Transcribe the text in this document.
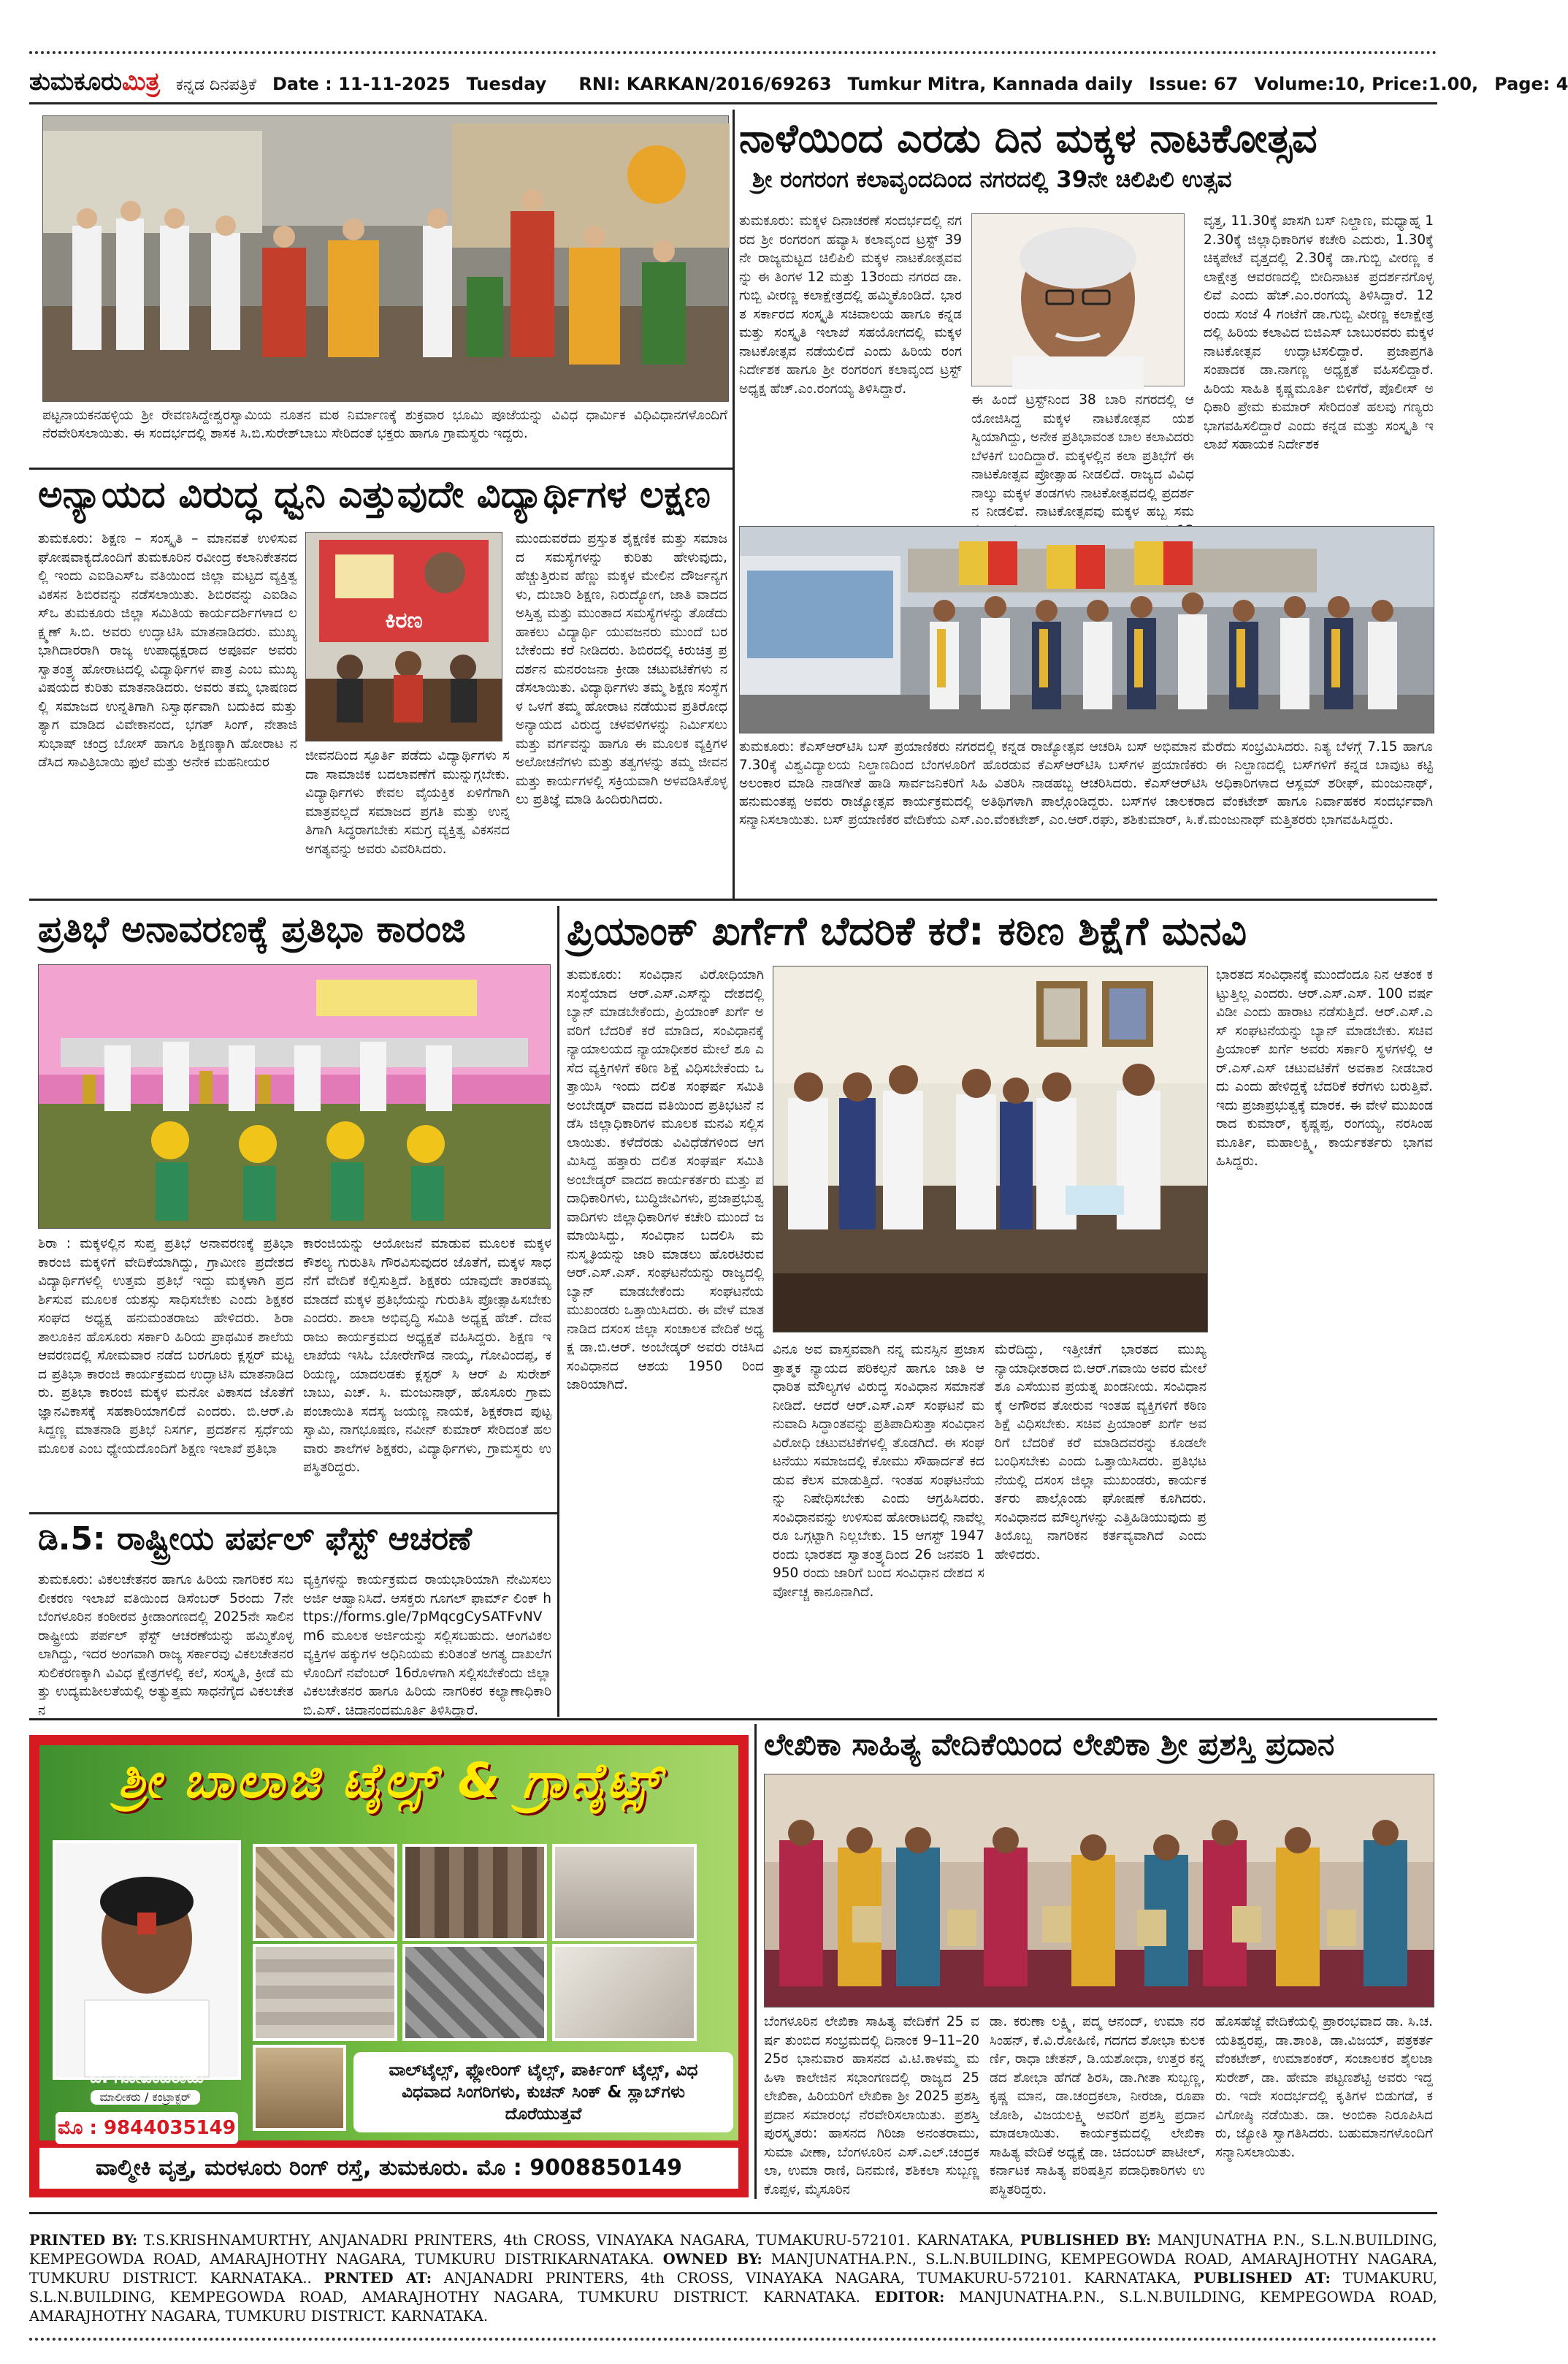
ತುಮಕೂರುಮಿತ್ರ ಕನ್ನಡ ದಿನಪತ್ರಿಕೆ Date : 11-11-2025 Tuesday RNI: KARKAN/2016/69263 Tumkur Mitra, Kannada daily Issue: 67 Volume:10, Price:1.00, Page: 4
ಪಟ್ಟನಾಯಕನಹಳ್ಳಿಯ ಶ್ರೀ ರೇವಣಸಿದ್ದೇಶ್ವರಸ್ವಾಮಿಯ ನೂತನ ಮಠ ನಿರ್ಮಾಣಕ್ಕೆ ಶುಕ್ರವಾರ ಭೂಮಿ ಪೂಜೆಯನ್ನು ವಿವಿಧ ಧಾರ್ಮಿಕ ವಿಧಿವಿಧಾನಗಳೊಂದಿಗೆ ನೆರವೇರಿಸಲಾಯಿತು. ಈ ಸಂದರ್ಭದಲ್ಲಿ ಶಾಸಕ ಸಿ.ಬಿ.ಸುರೇಶ್‌ಬಾಬು ಸೇರಿದಂತೆ ಭಕ್ತರು ಹಾಗೂ ಗ್ರಾಮಸ್ಥರು ಇದ್ದರು.
ನಾಳೆಯಿಂದ ಎರಡು ದಿನ ಮಕ್ಕಳ ನಾಟಕೋತ್ಸವ
ಶ್ರೀ ರಂಗರಂಗ ಕಲಾವೃಂದದಿಂದ ನಗರದಲ್ಲಿ 39ನೇ ಚಿಲಿಪಿಲಿ ಉತ್ಸವ
ತುಮಕೂರು: ಮಕ್ಕಳ ದಿನಾಚರಣೆ ಸಂದರ್ಭದಲ್ಲಿ ನಗರದ ಶ್ರೀ ರಂಗರಂಗ ಹವ್ಯಾಸಿ ಕಲಾವೃಂದ ಟ್ರಸ್ಟ್ 39ನೇ ರಾಜ್ಯಮಟ್ಟದ ಚಿಲಿಪಿಲಿ ಮಕ್ಕಳ ನಾಟಕೋತ್ಸವವನ್ನು ಈ ತಿಂಗಳ 12 ಮತ್ತು 13ರಂದು ನಗರದ ಡಾ.ಗುಬ್ಬಿ ವೀರಣ್ಣ ಕಲಾಕ್ಷೇತ್ರದಲ್ಲಿ ಹಮ್ಮಿಕೊಂಡಿದೆ. ಭಾರತ ಸರ್ಕಾರದ ಸಂಸ್ಕೃತಿ ಸಚಿವಾಲಯ ಹಾಗೂ ಕನ್ನಡ ಮತ್ತು ಸಂಸ್ಕೃತಿ ಇಲಾಖೆ ಸಹಯೋಗದಲ್ಲಿ ಮಕ್ಕಳ ನಾಟಕೋತ್ಸವ ನಡೆಯಲಿದೆ ಎಂದು ಹಿರಿಯ ರಂಗ ನಿರ್ದೇಶಕ ಹಾಗೂ ಶ್ರೀ ರಂಗರಂಗ ಕಲಾವೃಂದ ಟ್ರಸ್ಟ್ ಅಧ್ಯಕ್ಷ ಹೆಚ್.ಎಂ.ರಂಗಯ್ಯ ತಿಳಿಸಿದ್ದಾರೆ.
ಈ ಹಿಂದೆ ಟ್ರಸ್ಟ್‌ನಿಂದ 38 ಬಾರಿ ನಗರದಲ್ಲಿ ಆಯೋಜಿಸಿದ್ದ ಮಕ್ಕಳ ನಾಟಕೋತ್ಸವ ಯಶಸ್ವಿಯಾಗಿದ್ದು, ಅನೇಕ ಪ್ರತಿಭಾವಂತ ಬಾಲ ಕಲಾವಿದರು ಬೆಳಕಿಗೆ ಬಂದಿದ್ದಾರೆ. ಮಕ್ಕಳಲ್ಲಿನ ಕಲಾ ಪ್ರತಿಭೆಗೆ ಈ ನಾಟಕೋತ್ಸವ ಪ್ರೋತ್ಸಾಹ ನೀಡಲಿದೆ. ರಾಜ್ಯದ ವಿವಿಧ ನಾಲ್ಕು ಮಕ್ಕಳ ತಂಡಗಳು ನಾಟಕೋತ್ಸವದಲ್ಲಿ ಪ್ರದರ್ಶನ ನೀಡಲಿವೆ. ನಾಟಕೋತ್ಸವವು ಮಕ್ಕಳ ಹಬ್ಬ ಸಮ
ವೃತ್ತ, 11.30ಕ್ಕೆ ಖಾಸಗಿ ಬಸ್ ನಿಲ್ದಾಣ, ಮಧ್ಯಾಹ್ನ 12.30ಕ್ಕೆ ಜಿಲ್ಲಾಧಿಕಾರಿಗಳ ಕಚೇರಿ ಎದುರು, 1.30ಕ್ಕೆ ಚಿಕ್ಕಪೇಟೆ ವೃತ್ತದಲ್ಲಿ 2.30ಕ್ಕೆ ಡಾ.ಗುಬ್ಬಿ ವೀರಣ್ಣ ಕಲಾಕ್ಷೇತ್ರ ಆವರಣದಲ್ಲಿ ಬೀದಿನಾಟಕ ಪ್ರದರ್ಶನಗೊಳ್ಳಲಿವೆ ಎಂದು ಹೆಚ್.ಎಂ.ರಂಗಯ್ಯ ತಿಳಿಸಿದ್ದಾರೆ. 12ರಂದು ಸಂಜೆ 4 ಗಂಟೆಗೆ ಡಾ.ಗುಬ್ಬಿ ವೀರಣ್ಣ ಕಲಾಕ್ಷೇತ್ರದಲ್ಲಿ ಹಿರಿಯ ಕಲಾವಿದ ಬಿಜಿಎಸ್ ಬಾಬುರವರು ಮಕ್ಕಳ ನಾಟಕೋತ್ಸವ ಉದ್ಘಾಟಿಸಲಿದ್ದಾರೆ. ಪ್ರಜಾಪ್ರಗತಿ ಸಂಪಾದಕ ಡಾ.ನಾಗಣ್ಣ ಅಧ್ಯಕ್ಷತೆ ವಹಿಸಲಿದ್ದಾರೆ. ಹಿರಿಯ ಸಾಹಿತಿ ಕೃಷ್ಣಮೂರ್ತಿ ಬಿಳಿಗೆರೆ, ಪೊಲೀಸ್ ಅಧಿಕಾರಿ ಪ್ರೇಮ ಕುಮಾರ್ ಸೇರಿದಂತೆ ಹಲವು ಗಣ್ಯರು ಭಾಗವಹಿಸಲಿದ್ದಾರೆ ಎಂದು ಕನ್ನಡ ಮತ್ತು ಸಂಸ್ಕೃತಿ ಇಲಾಖೆ ಸಹಾಯಕ ನಿರ್ದೇಶಕ
ಅನ್ಯಾಯದ ವಿರುದ್ಧ ಧ್ವನಿ ಎತ್ತುವುದೇ ವಿದ್ಯಾರ್ಥಿಗಳ ಲಕ್ಷಣ
ತುಮಕೂರು: ಶಿಕ್ಷಣ – ಸಂಸ್ಕೃತಿ – ಮಾನವತೆ ಉಳಿಸುವ ಘೋಷವಾಕ್ಯದೊಂದಿಗೆ ತುಮಕೂರಿನ ರವೀಂದ್ರ ಕಲಾನಿಕೇತನದಲ್ಲಿ ಇಂದು ಎಐಡಿಎಸ್‌ಒ ವತಿಯಿಂದ ಜಿಲ್ಲಾ ಮಟ್ಟದ ವ್ಯಕ್ತಿತ್ವ ವಿಕಸನ ಶಿಬಿರವನ್ನು ನಡೆಸಲಾಯಿತು. ಶಿಬಿರವನ್ನು ಎಐಡಿಎಸ್‌ಒ ತುಮಕೂರು ಜಿಲ್ಲಾ ಸಮಿತಿಯ ಕಾರ್ಯದರ್ಶಿಗಳಾದ ಲಕ್ಷ್ಮಣ್ ಸಿ.ಬಿ. ಅವರು ಉದ್ಘಾಟಿಸಿ ಮಾತನಾಡಿದರು. ಮುಖ್ಯ ಭಾಗಿದಾರರಾಗಿ ರಾಜ್ಯ ಉಪಾಧ್ಯಕ್ಷರಾದ ಅಪೂರ್ವ ಅವರು ಸ್ವಾತಂತ್ರ್ಯ ಹೋರಾಟದಲ್ಲಿ ವಿದ್ಯಾರ್ಥಿಗಳ ಪಾತ್ರ ಎಂಬ ಮುಖ್ಯ ವಿಷಯದ ಕುರಿತು ಮಾತನಾಡಿದರು. ಅವರು ತಮ್ಮ ಭಾಷಣದಲ್ಲಿ ಸಮಾಜದ ಉನ್ನತಿಗಾಗಿ ನಿಸ್ವಾರ್ಥವಾಗಿ ಬದುಕಿದ ಮತ್ತು ತ್ಯಾಗ ಮಾಡಿದ ವಿವೇಕಾನಂದ, ಭಗತ್ ಸಿಂಗ್, ನೇತಾಜಿ ಸುಭಾಷ್ ಚಂದ್ರ ಬೋಸ್ ಹಾಗೂ ಶಿಕ್ಷಣಕ್ಕಾಗಿ ಹೋರಾಟ ನಡೆಸಿದ ಸಾವಿತ್ರಿಬಾಯಿ ಫುಲೆ ಮತ್ತು ಅನೇಕ ಮಹನೀಯರ
ಕಿರಣ
ಜೀವನದಿಂದ ಸ್ಫೂರ್ತಿ ಪಡೆದು ವಿದ್ಯಾರ್ಥಿಗಳು ಸದಾ ಸಾಮಾಜಿಕ ಬದಲಾವಣೆಗೆ ಮುನ್ನುಗ್ಗಬೇಕು. ವಿದ್ಯಾರ್ಥಿಗಳು ಕೇವಲ ವೈಯಕ್ತಿಕ ಏಳಿಗೆಗಾಗಿ ಮಾತ್ರವಲ್ಲದೆ ಸಮಾಜದ ಪ್ರಗತಿ ಮತ್ತು ಉನ್ನತಿಗಾಗಿ ಸಿದ್ಧರಾಗಬೇಕು ಸಮಗ್ರ ವ್ಯಕ್ತಿತ್ವ ವಿಕಸನದ ಅಗತ್ಯವನ್ನು ಅವರು ವಿವರಿಸಿದರು.
ಮುಂದುವರೆದು ಪ್ರಸ್ತುತ ಶೈಕ್ಷಣಿಕ ಮತ್ತು ಸಮಾಜದ ಸಮಸ್ಯೆಗಳನ್ನು ಕುರಿತು ಹೇಳುವುದು, ಹೆಚ್ಚುತ್ತಿರುವ ಹೆಣ್ಣು ಮಕ್ಕಳ ಮೇಲಿನ ದೌರ್ಜನ್ಯಗಳು, ದುಬಾರಿ ಶಿಕ್ಷಣ, ನಿರುದ್ಯೋಗ, ಜಾತಿ ವಾದದ ಅಸ್ತಿತ್ವ ಮತ್ತು ಮುಂತಾದ ಸಮಸ್ಯೆಗಳನ್ನು ತೊಡೆದು ಹಾಕಲು ವಿದ್ಯಾರ್ಥಿ ಯುವಜನರು ಮುಂದೆ ಬರಬೇಕೆಂದು ಕರೆ ನೀಡಿದರು. ಶಿಬಿರದಲ್ಲಿ ಕಿರುಚಿತ್ರ ಪ್ರದರ್ಶನ ಮನರಂಜನಾ ಕ್ರೀಡಾ ಚಟುವಟಿಕೆಗಳು ನಡೆಸಲಾಯಿತು. ವಿದ್ಯಾರ್ಥಿಗಳು ತಮ್ಮ ಶಿಕ್ಷಣ ಸಂಸ್ಥೆಗಳ ಒಳಗೆ ತಮ್ಮ ಹೋರಾಟ ನಡೆಯುವ ಪ್ರತಿರೋಧ ಅನ್ಯಾಯದ ವಿರುದ್ಧ ಚಳವಳಿಗಳನ್ನು ನಿರ್ಮಿಸಲು ಮತ್ತು ವರ್ಗವನ್ನು ಹಾಗೂ ಈ ಮೂಲಕ ವ್ಯಕ್ತಿಗಳ ಅಲೋಚನೆಗಳು ಮತ್ತು ತತ್ವಗಳನ್ನು ತಮ್ಮ ಜೀವನ ಮತ್ತು ಕಾರ್ಯಗಳಲ್ಲಿ ಸಕ್ರಿಯವಾಗಿ ಅಳವಡಿಸಿಕೊಳ್ಳಲು ಪ್ರತಿಜ್ಞೆ ಮಾಡಿ ಹಿಂದಿರುಗಿದರು.
ತುಮಕೂರು: ಕೆಎಸ್‌ಆರ್‌ಟಿಸಿ ಬಸ್ ಪ್ರಯಾಣಿಕರು ನಗರದಲ್ಲಿ ಕನ್ನಡ ರಾಜ್ಯೋತ್ಸವ ಆಚರಿಸಿ ಬಸ್ ಅಭಿಮಾನ ಮೆರೆದು ಸಂಭ್ರಮಿಸಿದರು. ನಿತ್ಯ ಬೆಳಗ್ಗೆ 7.15 ಹಾಗೂ 7.30ಕ್ಕೆ ವಿಶ್ವವಿದ್ಯಾಲಯ ನಿಲ್ದಾಣದಿಂದ ಬೆಂಗಳೂರಿಗೆ ಹೊರಡುವ ಕೆಎಸ್‌ಆರ್‌ಟಿಸಿ ಬಸ್‌ಗಳ ಪ್ರಯಾಣಿಕರು ಈ ನಿಲ್ದಾಣದಲ್ಲಿ ಬಸ್‌ಗಳಿಗೆ ಕನ್ನಡ ಬಾವುಟ ಕಟ್ಟಿ ಅಲಂಕಾರ ಮಾಡಿ ನಾಡಗೀತೆ ಹಾಡಿ ಸಾರ್ವಜನಿಕರಿಗೆ ಸಿಹಿ ವಿತರಿಸಿ ನಾಡಹಬ್ಬ ಆಚರಿಸಿದರು. ಕೆಎಸ್‌ಆರ್‌ಟಿಸಿ ಅಧಿಕಾರಿಗಳಾದ ಆಸ್ಲಮ್ ಶರೀಫ್, ಮಂಜುನಾಥ್, ಹನುಮಂತಪ್ಪ ಅವರು ರಾಜ್ಯೋತ್ಸವ ಕಾರ್ಯಕ್ರಮದಲ್ಲಿ ಅತಿಥಿಗಳಾಗಿ ಪಾಲ್ಗೊಂಡಿದ್ದರು. ಬಸ್‌ಗಳ ಚಾಲಕರಾದ ವೆಂಕಟೇಶ್ ಹಾಗೂ ನಿರ್ವಾಹಕರ ಸಂದರ್ಭವಾಗಿ ಸನ್ಮಾನಿಸಲಾಯಿತು. ಬಸ್ ಪ್ರಯಾಣಿಕರ ವೇದಿಕೆಯ ಎಸ್.ಎಂ.ವೆಂಕಟೇಶ್, ಎಂ.ಆರ್.ರಘು, ಶಶಿಕುಮಾರ್, ಸಿ.ಕೆ.ಮಂಜುನಾಥ್ ಮತ್ತಿತರರು ಭಾಗವಹಿಸಿದ್ದರು.
ಪ್ರತಿಭೆ ಅನಾವರಣಕ್ಕೆ ಪ್ರತಿಭಾ ಕಾರಂಜಿ
ಶಿರಾ : ಮಕ್ಕಳಲ್ಲಿನ ಸುಪ್ತ ಪ್ರತಿಭೆ ಅನಾವರಣಕ್ಕೆ ಪ್ರತಿಭಾ ಕಾರಂಜಿ ಮಕ್ಕಳಿಗೆ ವೇದಿಕೆಯಾಗಿದ್ದು, ಗ್ರಾಮೀಣ ಪ್ರದೇಶದ ವಿದ್ಯಾರ್ಥಿಗಳಲ್ಲಿ ಉತ್ತಮ ಪ್ರತಿಭೆ ಇದ್ದು ಮಕ್ಕಳಾಗಿ ಪ್ರದರ್ಶಿಸುವ ಮೂಲಕ ಯಶಸ್ಸು ಸಾಧಿಸಬೇಕು ಎಂದು ಶಿಕ್ಷಕರ ಸಂಘದ ಅಧ್ಯಕ್ಷ ಹನುಮಂತರಾಜು ಹೇಳಿದರು. ಶಿರಾ ತಾಲೂಕಿನ ಹೊಸೂರು ಸರ್ಕಾರಿ ಹಿರಿಯ ಪ್ರಾಥಮಿಕ ಶಾಲೆಯ ಆವರಣದಲ್ಲಿ ಸೋಮವಾರ ನಡೆದ ಬರಗೂರು ಕ್ಲಸ್ಟರ್ ಮಟ್ಟದ ಪ್ರತಿಭಾ ಕಾರಂಜಿ ಕಾರ್ಯಕ್ರಮದ ಉದ್ಘಾಟಿಸಿ ಮಾತನಾಡಿದರು. ಪ್ರತಿಭಾ ಕಾರಂಜಿ ಮಕ್ಕಳ ಮನೋ ವಿಕಾಸದ ಜೊತೆಗೆ ಜ್ಞಾನವಿಕಾಸಕ್ಕೆ ಸಹಕಾರಿಯಾಗಲಿದೆ ಎಂದರು. ಬಿ.ಆರ್.ಪಿ ಸಿದ್ದಣ್ಣ ಮಾತನಾಡಿ ಪ್ರತಿಭೆ ನಿಸರ್ಗ, ಪ್ರದರ್ಶನ ಸ್ಪರ್ಧೆಯ ಮೂಲಕ ಎಂಬ ಧ್ಯೇಯದೊಂದಿಗೆ ಶಿಕ್ಷಣ ಇಲಾಖೆ ಪ್ರತಿಭಾ
ಕಾರಂಜಿಯನ್ನು ಆಯೋಜನೆ ಮಾಡುವ ಮೂಲಕ ಮಕ್ಕಳ ಕೌಶಲ್ಯ ಗುರುತಿಸಿ ಗೌರವಿಸುವುದರ ಜೊತೆಗೆ, ಮಕ್ಕಳ ಸಾಧನೆಗೆ ವೇದಿಕೆ ಕಲ್ಪಿಸುತ್ತಿದೆ. ಶಿಕ್ಷಕರು ಯಾವುದೇ ತಾರತಮ್ಯ ಮಾಡದೆ ಮಕ್ಕಳ ಪ್ರತಿಭೆಯನ್ನು ಗುರುತಿಸಿ ಪ್ರೋತ್ಸಾಹಿಸಬೇಕು ಎಂದರು. ಶಾಲಾ ಅಭಿವೃದ್ಧಿ ಸಮಿತಿ ಅಧ್ಯಕ್ಷ ಹೆಚ್. ದೇವರಾಜು ಕಾರ್ಯಕ್ರಮದ ಅಧ್ಯಕ್ಷತೆ ವಹಿಸಿದ್ದರು. ಶಿಕ್ಷಣ ಇಲಾಖೆಯ ಇಸಿಓ ಬೋರೇಗೌಡ ನಾಯ್ಕ, ಗೋವಿಂದಪ್ಪ, ಕರಿಯಣ್ಣ, ಯಾದಲಡಕು ಕ್ಲಸ್ಟರ್ ಸಿ ಆರ್ ಪಿ ಸುರೇಶ್ ಬಾಬು, ಎಚ್. ಸಿ. ಮಂಜುನಾಥ್, ಹೊಸೂರು ಗ್ರಾಮ ಪಂಚಾಯಿತಿ ಸದಸ್ಯ ಜಯಣ್ಣ ನಾಯಕ, ಶಿಕ್ಷಕರಾದ ಪುಟ್ಟಸ್ವಾಮಿ, ನಾಗಭೂಷಣ, ನವೀನ್ ಕುಮಾರ್ ಸೇರಿದಂತೆ ಹಲವಾರು ಶಾಲೆಗಳ ಶಿಕ್ಷಕರು, ವಿದ್ಯಾರ್ಥಿಗಳು, ಗ್ರಾಮಸ್ಥರು ಉಪಸ್ಥಿತರಿದ್ದರು.
ಡಿ.5: ರಾಷ್ಟ್ರೀಯ ಪರ್ಪಲ್ ಫೆಸ್ಟ್ ಆಚರಣೆ
ತುಮಕೂರು: ವಿಕಲಚೇತನರ ಹಾಗೂ ಹಿರಿಯ ನಾಗರಿಕರ ಸಬಲೀಕರಣ ಇಲಾಖೆ ವತಿಯಿಂದ ಡಿಸೆಂಬರ್ 5ರಂದು 7ನೇ ಬೆಂಗಳೂರಿನ ಕಂಠೀರವ ಕ್ರೀಡಾಂಗಣದಲ್ಲಿ 2025ನೇ ಸಾಲಿನ ರಾಷ್ಟ್ರೀಯ ಪರ್ಪಲ್ ಫೆಸ್ಟ್ ಆಚರಣೆಯನ್ನು ಹಮ್ಮಿಕೊಳ್ಳಲಾಗಿದ್ದು, ಇದರ ಅಂಗವಾಗಿ ರಾಜ್ಯ ಸರ್ಕಾರವು ವಿಕಲಚೇತನರ ಸುಲಿಕರಣಕ್ಕಾಗಿ ವಿವಿಧ ಕ್ಷೇತ್ರಗಳಲ್ಲಿ ಕಲೆ, ಸಂಸ್ಕೃತಿ, ಕ್ರೀಡೆ ಮತ್ತು ಉದ್ಯಮಶೀಲತೆಯಲ್ಲಿ ಅತ್ಯುತ್ತಮ ಸಾಧನೆಗೈದ ವಿಕಲಚೇತನ
ವ್ಯಕ್ತಿಗಳನ್ನು ಕಾರ್ಯಕ್ರಮದ ರಾಯಭಾರಿಯಾಗಿ ನೇಮಿಸಲು ಅರ್ಜಿ ಆಹ್ವಾನಿಸಿದೆ. ಆಸಕ್ತರು ಗೂಗಲ್ ಫಾರ್ಮ್ ಲಿಂಕ್ https://forms.gle/7pMqcgCySATFvNVm6 ಮೂಲಕ ಅರ್ಜಿಯನ್ನು ಸಲ್ಲಿಸಬಹುದು. ಆಂಗವಿಕಲ ವ್ಯಕ್ತಿಗಳ ಹಕ್ಕುಗಳ ಅಧಿನಿಯಮ ಕುರಿತಂತೆ ಅಗತ್ಯ ದಾಖಲೆಗಳೊಂದಿಗೆ ನವೆಂಬರ್ 16ರೊಳಗಾಗಿ ಸಲ್ಲಿಸಬೇಕೆಂದು ಜಿಲ್ಲಾ ವಿಕಲಚೇತನರ ಹಾಗೂ ಹಿರಿಯ ನಾಗರಿಕರ ಕಲ್ಯಾಣಾಧಿಕಾರಿ ಬಿ.ಎಸ್. ಚಿದಾನಂದಮೂರ್ತಿ ತಿಳಿಸಿದ್ದಾರೆ.
ಪ್ರಿಯಾಂಕ್ ಖರ್ಗೆಗೆ ಬೆದರಿಕೆ ಕರೆ: ಕಠಿಣ ಶಿಕ್ಷೆಗೆ ಮನವಿ
ತುಮಕೂರು: ಸಂವಿಧಾನ ವಿರೋಧಿಯಾಗಿ ಸಂಸ್ಥೆಯಾದ ಆರ್.ಎಸ್.ಎಸ್‌ನ್ನು ದೇಶದಲ್ಲಿ ಬ್ಯಾನ್ ಮಾಡಬೇಕೆಂದು, ಪ್ರಿಯಾಂಕ್ ಖರ್ಗೆ ಅವರಿಗೆ ಬೆದರಿಕೆ ಕರೆ ಮಾಡಿದ, ಸಂವಿಧಾನಕ್ಕೆ ನ್ಯಾಯಾಲಯದ ನ್ಯಾಯಾಧೀಶರ ಮೇಲೆ ಶೂ ಎಸೆದ ವ್ಯಕ್ತಿಗಳಿಗೆ ಕಠಿಣ ಶಿಕ್ಷೆ ವಿಧಿಸಬೇಕೆಂದು ಒತ್ತಾಯಿಸಿ ಇಂದು ದಲಿತ ಸಂಘರ್ಷ ಸಮಿತಿ ಅಂಬೇಡ್ಕರ್ ವಾದದ ವತಿಯಿಂದ ಪ್ರತಿಭಟನೆ ನಡೆಸಿ ಜಿಲ್ಲಾಧಿಕಾರಿಗಳ ಮೂಲಕ ಮನವಿ ಸಲ್ಲಿಸಲಾಯಿತು. ಕಳೆದೆರಡು ವಿವಿಧೆಡೆಗಳಿಂದ ಆಗಮಿಸಿದ್ದ ಹತ್ತಾರು ದಲಿತ ಸಂಘರ್ಷ ಸಮಿತಿ ಅಂಬೇಡ್ಕರ್ ವಾದದ ಕಾರ್ಯಕರ್ತರು ಮತ್ತು ಪದಾಧಿಕಾರಿಗಳು, ಬುದ್ಧಿಜೀವಿಗಳು, ಪ್ರಜಾಪ್ರಭುತ್ವವಾದಿಗಳು ಜಿಲ್ಲಾಧಿಕಾರಿಗಳ ಕಚೇರಿ ಮುಂದೆ ಜಮಾಯಿಸಿದ್ದು, ಸಂವಿಧಾನ ಬದಲಿಸಿ ಮನುಸ್ಮೃತಿಯನ್ನು ಜಾರಿ ಮಾಡಲು ಹೊರಟಿರುವ ಆರ್.ಎಸ್.ಎಸ್. ಸಂಘಟನೆಯನ್ನು ರಾಜ್ಯದಲ್ಲಿ ಬ್ಯಾನ್ ಮಾಡಬೇಕೆಂದು ಸಂಘಟನೆಯ ಮುಖಂಡರು ಒತ್ತಾಯಿಸಿದರು. ಈ ವೇಳೆ ಮಾತನಾಡಿದ ದಸಂಸ ಜಿಲ್ಲಾ ಸಂಚಾಲಕ ವೇದಿಕೆ ಅಧ್ಯಕ್ಷ ಡಾ.ಬಿ.ಆರ್. ಅಂಬೇಡ್ಕರ್ ಅವರು ರಚಿಸಿದ ಸಂವಿಧಾನದ ಆಶಯ 1950 ರಿಂದ ಜಾರಿಯಾಗಿದೆ.
ವಿನೂ ಅವ ವಾಸ್ತವವಾಗಿ ನನ್ನ ಮನಸ್ಸಿನ ಪ್ರಜಾಸತ್ತಾತ್ಮಕ ನ್ಯಾಯದ ಪರಿಕಲ್ಪನೆ ಹಾಗೂ ಜಾತಿ ಆಧಾರಿತ ಮೌಲ್ಯಗಳ ವಿರುದ್ಧ ಸಂವಿಧಾನ ಸಮಾನತೆ ನೀಡಿದೆ. ಆದರೆ ಆರ್.ಎಸ್.ಎಸ್ ಸಂಘಟನೆ ಮನುವಾದಿ ಸಿದ್ಧಾಂತವನ್ನು ಪ್ರತಿಪಾದಿಸುತ್ತಾ ಸಂವಿಧಾನ ವಿರೋಧಿ ಚಟುವಟಿಕೆಗಳಲ್ಲಿ ತೊಡಗಿದೆ. ಈ ಸಂಘಟನೆಯು ಸಮಾಜದಲ್ಲಿ ಕೋಮು ಸೌಹಾರ್ದತೆ ಕದಡುವ ಕೆಲಸ ಮಾಡುತ್ತಿದೆ. ಇಂತಹ ಸಂಘಟನೆಯನ್ನು ನಿಷೇಧಿಸಬೇಕು ಎಂದು ಆಗ್ರಹಿಸಿದರು. ಸಂವಿಧಾನವನ್ನು ಉಳಿಸುವ ಹೋರಾಟದಲ್ಲಿ ನಾವೆಲ್ಲರೂ ಒಗ್ಗಟ್ಟಾಗಿ ನಿಲ್ಲಬೇಕು. 15 ಆಗಸ್ಟ್ 1947 ರಂದು ಭಾರತದ ಸ್ವಾತಂತ್ರ್ಯದಿಂದ 26 ಜನವರಿ 1950 ರಂದು ಜಾರಿಗೆ ಬಂದ ಸಂವಿಧಾನ ದೇಶದ ಸರ್ವೋಚ್ಚ ಕಾನೂನಾಗಿದೆ.
ಮೆರೆದಿದ್ದು, ಇತ್ತೀಚೆಗೆ ಭಾರತದ ಮುಖ್ಯ ನ್ಯಾಯಾಧೀಶರಾದ ಬಿ.ಆರ್.ಗವಾಯಿ ಅವರ ಮೇಲೆ ಶೂ ಎಸೆಯುವ ಪ್ರಯತ್ನ ಖಂಡನೀಯ. ಸಂವಿಧಾನಕ್ಕೆ ಅಗೌರವ ತೋರುವ ಇಂತಹ ವ್ಯಕ್ತಿಗಳಿಗೆ ಕಠಿಣ ಶಿಕ್ಷೆ ವಿಧಿಸಬೇಕು. ಸಚಿವ ಪ್ರಿಯಾಂಕ್ ಖರ್ಗೆ ಅವರಿಗೆ ಬೆದರಿಕೆ ಕರೆ ಮಾಡಿದವರನ್ನು ಕೂಡಲೇ ಬಂಧಿಸಬೇಕು ಎಂದು ಒತ್ತಾಯಿಸಿದರು. ಪ್ರತಿಭಟನೆಯಲ್ಲಿ ದಸಂಸ ಜಿಲ್ಲಾ ಮುಖಂಡರು, ಕಾರ್ಯಕರ್ತರು ಪಾಲ್ಗೊಂಡು ಘೋಷಣೆ ಕೂಗಿದರು. ಸಂವಿಧಾನದ ಮೌಲ್ಯಗಳನ್ನು ಎತ್ತಿಹಿಡಿಯುವುದು ಪ್ರತಿಯೊಬ್ಬ ನಾಗರಿಕನ ಕರ್ತವ್ಯವಾಗಿದೆ ಎಂದು ಹೇಳಿದರು.
ಭಾರತದ ಸಂವಿಧಾನಕ್ಕೆ ಮುಂದೆಂದೂ ನಿನ ಆತಂಕ ಕಟ್ಟುತ್ತಿಲ್ಲ ಎಂದರು. ಆರ್.ಎಸ್.ಎಸ್. 100 ವರ್ಷವಿಡೀ ಎಂದು ಹಾರಾಟ ನಡೆಸುತ್ತಿದೆ. ಆರ್.ಎಸ್.ಎಸ್ ಸಂಘಟನೆಯನ್ನು ಬ್ಯಾನ್ ಮಾಡಬೇಕು. ಸಚಿವ ಪ್ರಿಯಾಂಕ್ ಖರ್ಗೆ ಅವರು ಸರ್ಕಾರಿ ಸ್ಥಳಗಳಲ್ಲಿ ಆರ್.ಎಸ್.ಎಸ್ ಚಟುವಟಿಕೆಗೆ ಅವಕಾಶ ನೀಡಬಾರದು ಎಂದು ಹೇಳಿದ್ದಕ್ಕೆ ಬೆದರಿಕೆ ಕರೆಗಳು ಬರುತ್ತಿವೆ. ಇದು ಪ್ರಜಾಪ್ರಭುತ್ವಕ್ಕೆ ಮಾರಕ. ಈ ವೇಳೆ ಮುಖಂಡರಾದ ಕುಮಾರ್, ಕೃಷ್ಣಪ್ಪ, ರಂಗಯ್ಯ, ನರಸಿಂಹಮೂರ್ತಿ, ಮಹಾಲಕ್ಷ್ಮಿ, ಕಾರ್ಯಕರ್ತರು ಭಾಗವಹಿಸಿದ್ದರು.
ಶ್ರೀ ಬಾಲಾಜಿ ಟೈಲ್ಸ್ & ಗ್ರಾನೈಟ್ಸ್
ಬಿ. ಗೋವಿಂದರಾಜು
ಮಾಲೀಕರು / ಕಂಟ್ರಾಕ್ಟರ್
ಮೊ : 9844035149
ವಾಲ್‌ಟೈಲ್ಸ್, ಫ್ಲೋರಿಂಗ್ ಟೈಲ್ಸ್, ಪಾರ್ಕಿಂಗ್ ಟೈಲ್ಸ್, ವಿಧ ವಿಧವಾದ ಸಿಂಗರಿಗಳು, ಕುಚನ್ ಸಿಂಕ್ & ಸ್ಲಾಬ್‌ಗಳು ದೊರೆಯುತ್ತವೆ
ವಾಲ್ಮೀಕಿ ವೃತ್ತ, ಮರಳೂರು ರಿಂಗ್ ರಸ್ತೆ, ತುಮಕೂರು. ಮೊ : 9008850149
ಲೇಖಿಕಾ ಸಾಹಿತ್ಯ ವೇದಿಕೆಯಿಂದ ಲೇಖಿಕಾ ಶ್ರೀ ಪ್ರಶಸ್ತಿ ಪ್ರದಾನ
ಬೆಂಗಳೂರಿನ ಲೇಖಿಕಾ ಸಾಹಿತ್ಯ ವೇದಿಕೆಗೆ 25 ವರ್ಷ ತುಂಬಿದ ಸಂಭ್ರಮದಲ್ಲಿ ದಿನಾಂಕ 9–11–2025ರ ಭಾನುವಾರ ಹಾಸನದ ವಿ.ಟಿ.ಕಾಳಮ್ಮ ಮಹಿಳಾ ಕಾಲೇಜಿನ ಸಭಾಂಗಣದಲ್ಲಿ ರಾಜ್ಯದ 25 ಲೇಖಿಕಾ, ಹಿರಿಯರಿಗೆ ಲೇಖಿಕಾ ಶ್ರೀ 2025 ಪ್ರಶಸ್ತಿ ಪ್ರದಾನ ಸಮಾರಂಭ ನೆರವೇರಿಸಲಾಯಿತು. ಪ್ರಶಸ್ತಿ ಪುರಸ್ಕೃತರು: ಹಾಸನದ ಗಿರಿಜಾ ಅನಂತರಾಮು, ಸುಮಾ ವೀಣಾ, ಬೆಂಗಳೂರಿನ ಎಸ್.ಎಲ್.ಚಂದ್ರಕಲಾ, ಉಮಾ ರಾಣಿ, ದಿನಮಣಿ, ಶಶಿಕಲಾ ಸುಬ್ಬಣ್ಣ ಕೊಪ್ಪಳ, ಮೈಸೂರಿನ
ಡಾ. ಕರುಣಾ ಲಕ್ಷ್ಮಿ, ಪದ್ಮ ಆನಂದ್, ಉಮಾ ನರಸಿಂಹನ್, ಕೆ.ವಿ.ರೋಹಿಣಿ, ಗದಗದ ಶೋಭಾ ಕುಲಕರ್ಣಿ, ರಾಧಾ ಚೇತನ್, ಡಿ.ಯಶೋಧಾ, ಉತ್ತರ ಕನ್ನಡದ ಶೋಭಾ ಹೆಗಡೆ ಶಿರಸಿ, ಡಾ.ಗೀತಾ ಸುಬ್ಬಣ್ಣ, ಕೃಷ್ಣ ಮಾನ, ಡಾ.ಚಂದ್ರಕಲಾ, ನೀರಜಾ, ರೂಪಾ ಜೋಶಿ, ವಿಜಯಲಕ್ಷ್ಮಿ ಅವರಿಗೆ ಪ್ರಶಸ್ತಿ ಪ್ರದಾನ ಮಾಡಲಾಯಿತು. ಕಾರ್ಯಕ್ರಮದಲ್ಲಿ ಲೇಖಿಕಾ ಸಾಹಿತ್ಯ ವೇದಿಕೆ ಅಧ್ಯಕ್ಷೆ ಡಾ. ಚಿದಂಬರ್ ಪಾಟೀಲ್, ಕರ್ನಾಟಕ ಸಾಹಿತ್ಯ ಪರಿಷತ್ತಿನ ಪದಾಧಿಕಾರಿಗಳು ಉಪಸ್ಥಿತರಿದ್ದರು.
ಹೊಸಹೆಜ್ಜೆ ವೇದಿಕೆಯಲ್ಲಿ ಪ್ರಾರಂಭವಾದ ಡಾ. ಸಿ.ಚ.ಯತಿಶ್ವರಪ್ಪ, ಡಾ.ಶಾಂತಿ, ಡಾ.ವಿಜಯ್, ಪತ್ರಕರ್ತ ವೆಂಕಟೇಶ್, ಉಮಾಶಂಕರ್, ಸಂಚಾಲಕರ ಶೈಲಜಾ ಸುರೇಶ್, ಡಾ. ಹೇಮಾ ಪಟ್ಟಣಶೆಟ್ಟಿ ಅವರು ಇದ್ದರು. ಇದೇ ಸಂದರ್ಭದಲ್ಲಿ ಕೃತಿಗಳ ಬಿಡುಗಡೆ, ಕವಿಗೋಷ್ಠಿ ನಡೆಯಿತು. ಡಾ. ಅಂಬಿಕಾ ನಿರೂಪಿಸಿದರು, ಜ್ಯೋತಿ ಸ್ವಾಗತಿಸಿದರು. ಬಹುಮಾನಗಳೊಂದಿಗೆ ಸನ್ಮಾನಿಸಲಾಯಿತು.
PRINTED BY: T.S.KRISHNAMURTHY, ANJANADRI PRINTERS, 4th CROSS, VINAYAKA NAGARA, TUMAKURU-572101. KARNATAKA, PUBLISHED BY: MANJUNATHA P.N., S.L.N.BUILDING, KEMPEGOWDA ROAD, AMARAJHOTHY NAGARA, TUMKURU DISTRIKARNATAKA. OWNED BY: MANJUNATHA.P.N., S.L.N.BUILDING, KEMPEGOWDA ROAD, AMARAJHOTHY NAGARA, TUMKURU DISTRICT. KARNATAKA.. PRNTED AT: ANJANADRI PRINTERS, 4th CROSS, VINAYAKA NAGARA, TUMAKURU-572101. KARNATAKA, PUBLISHED AT: TUMAKURU, S.L.N.BUILDING, KEMPEGOWDA ROAD, AMARAJHOTHY NAGARA, TUMKURU DISTRICT. KARNATAKA. EDITOR: MANJUNATHA.P.N., S.L.N.BUILDING, KEMPEGOWDA ROAD, AMARAJHOTHY NAGARA, TUMKURU DISTRICT. KARNATAKA.
